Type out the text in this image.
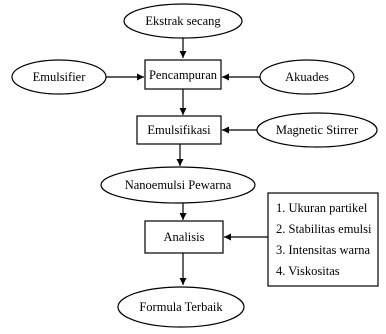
Ekstrak secang
Emulsifier	Pencampuran	Akuades
Emulsifikasi	Magnetic Stirrer
Nanoemulsi Pewarna
Analisis
1. Ukuran partikel
2. Stabilitas emulsi
3. Intensitas warna
4. Viskositas
Formula Terbaik
